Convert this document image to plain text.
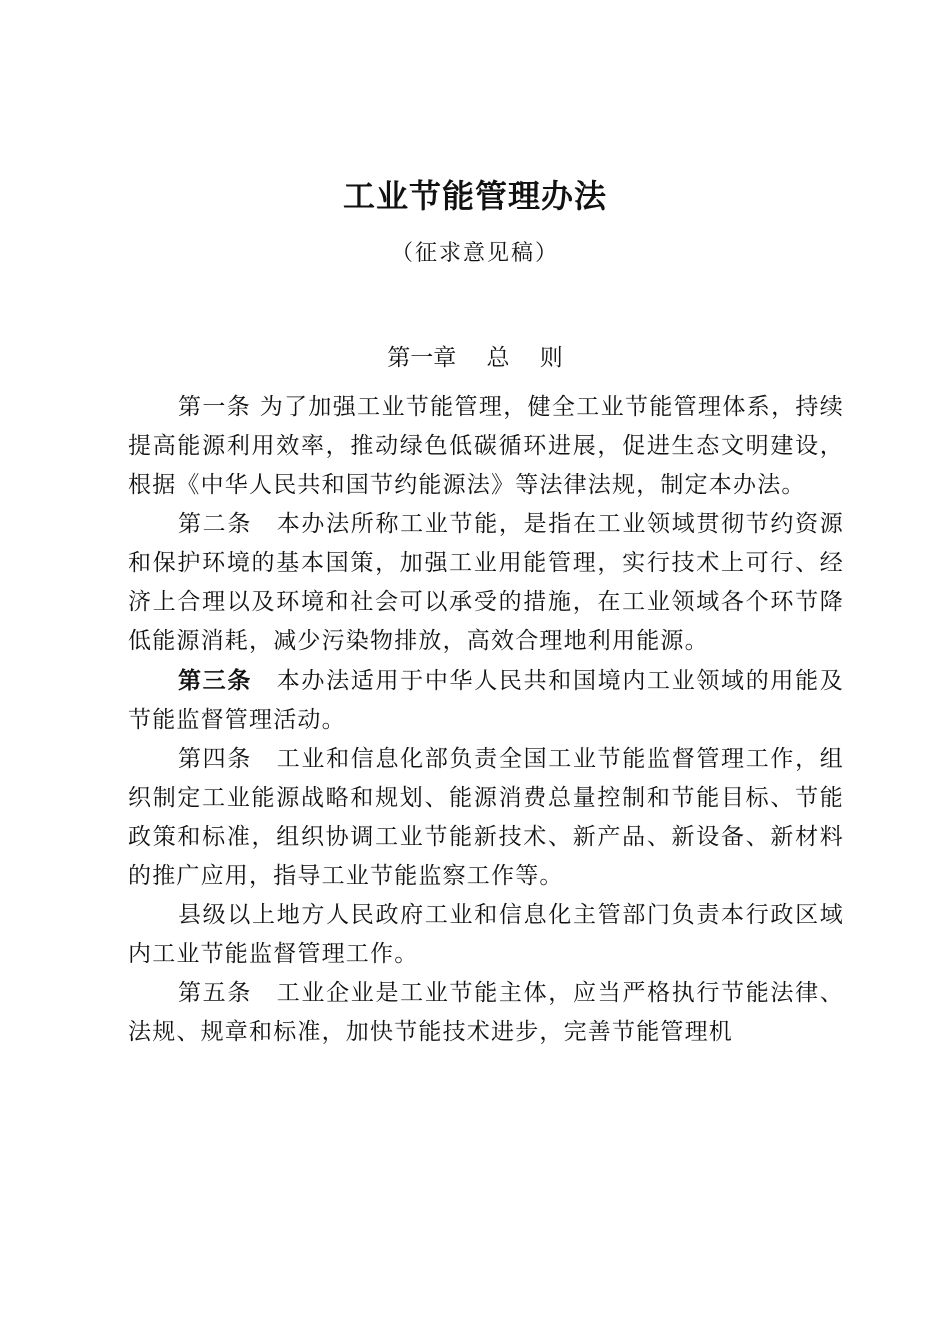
工业节能管理办法
（征求意见稿）
第一章　 总　 则

第一条 为了加强工业节能管理，健全工业节能管理体系，持续提高能源利用效率，推动绿色低碳循环进展，促进生态文明建设，根据《中华人民共和国节约能源法》等法律法规，制定本办法。

第二条　本办法所称工业节能，是指在工业领域贯彻节约资源和保护环境的基本国策，加强工业用能管理，实行技术上可行、经济上合理以及环境和社会可以承受的措施，在工业领域各个环节降低能源消耗，减少污染物排放，高效合理地利用能源。

第三条　本办法适用于中华人民共和国境内工业领域的用能及节能监督管理活动。

第四条　工业和信息化部负责全国工业节能监督管理工作，组织制定工业能源战略和规划、能源消费总量控制和节能目标、节能政策和标准，组织协调工业节能新技术、新产品、新设备、新材料的推广应用，指导工业节能监察工作等。

县级以上地方人民政府工业和信息化主管部门负责本行政区域内工业节能监督管理工作。

第五条　工业企业是工业节能主体，应当严格执行节能法律、法规、规章和标准，加快节能技术进步，完善节能管理机
